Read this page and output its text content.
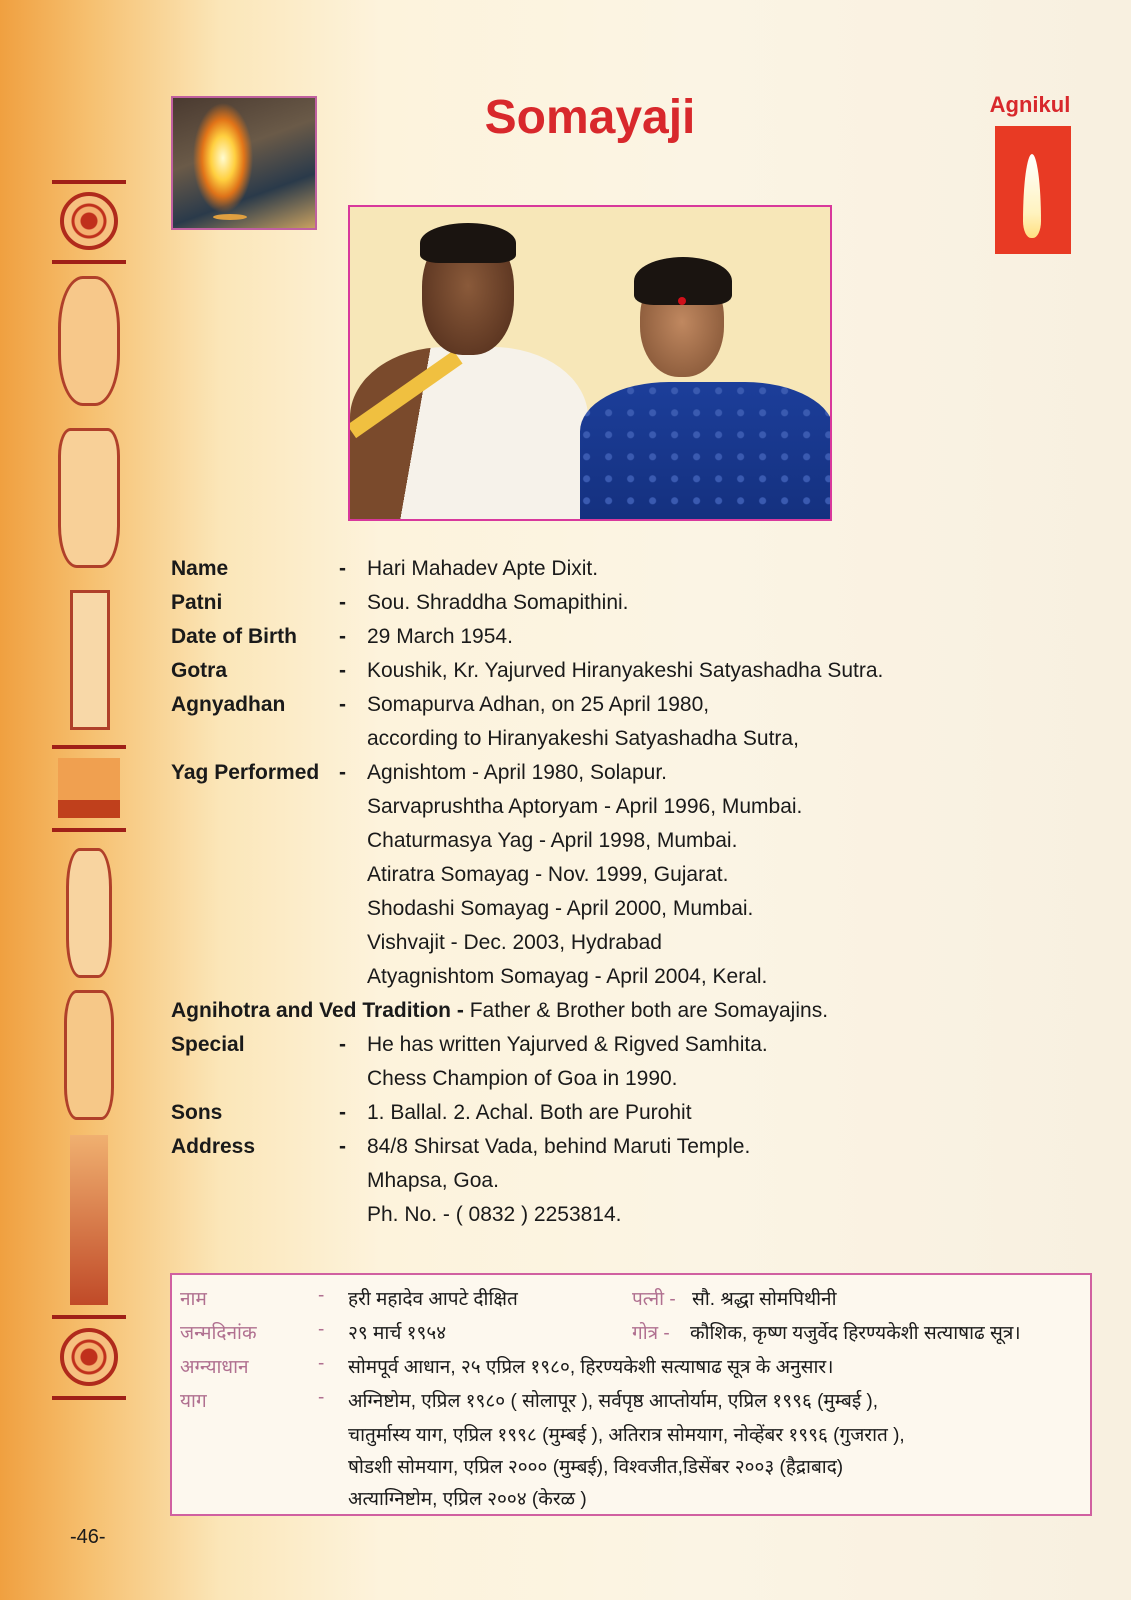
Somayaji	Agnikul
Name	- Hari Mahadev Apte Dixit.
Patni	- Sou. Shraddha Somapithini.
Date of Birth - 29 March 1954.
Gotra	- Koushik, Kr. Yajurved Hiranyakeshi Satyashadha Sutra.
Agnyadhan	- Somapurva Adhan, on 25 April 1980,
according to Hiranyakeshi Satyashadha Sutra,
Yag Performed - Agnishtom - April 1980, Solapur.
Sarvaprushtha Aptoryam - April 1996, Mumbai.
Chaturmasya Yag - April 1998, Mumbai.
Atiratra Somayag - Nov. 1999, Gujarat.
Shodashi Somayag - April 2000, Mumbai.
Vishvajit - Dec. 2003, Hydrabad
Atyagnishtom Somayag - April 2004, Keral.
Agnihotra and Ved Tradition - Father & Brother both are Somayajins.
Special	- He has written Yajurved & Rigved Samhita.
Chess Champion of Goa in 1990.
Sons	- 1. Ballal. 2. Achal. Both are Purohit
Address	- 84/8 Shirsat Vada, behind Maruti Temple.
Mhapsa, Goa.
Ph. No. - ( 0832 ) 2253814.
नाम	- हरी महादेव आपटे दीक्षित	पत्नी - सौ. श्रद्धा सोमपिथीनी
जन्मदिनांक	- २९ मार्च १९५४	गोत्र - कौशिक, कृष्ण यजुर्वेद हिरण्यकेशी सत्याषाढ सूत्र।
अग्न्याधान	- सोमपूर्व आधान, २५ एप्रिल १९८०, हिरण्यकेशी सत्याषाढ सूत्र के अनुसार।
याग	- अग्निष्टोम, एप्रिल १९८० ( सोलापूर ), सर्वपृष्ठ आप्तोर्याम, एप्रिल १९९६ (मुम्बई ),
चातुर्मास्य याग, एप्रिल १९९८ (मुम्बई ), अतिरात्र सोमयाग, नोव्हेंबर १९९६ (गुजरात ),
षोडशी सोमयाग, एप्रिल २००० (मुम्बई), विश्वजीत,डिसेंबर २००३ (हैद्राबाद)
अत्याग्निष्टोम, एप्रिल २००४ (केरळ )
-46-
